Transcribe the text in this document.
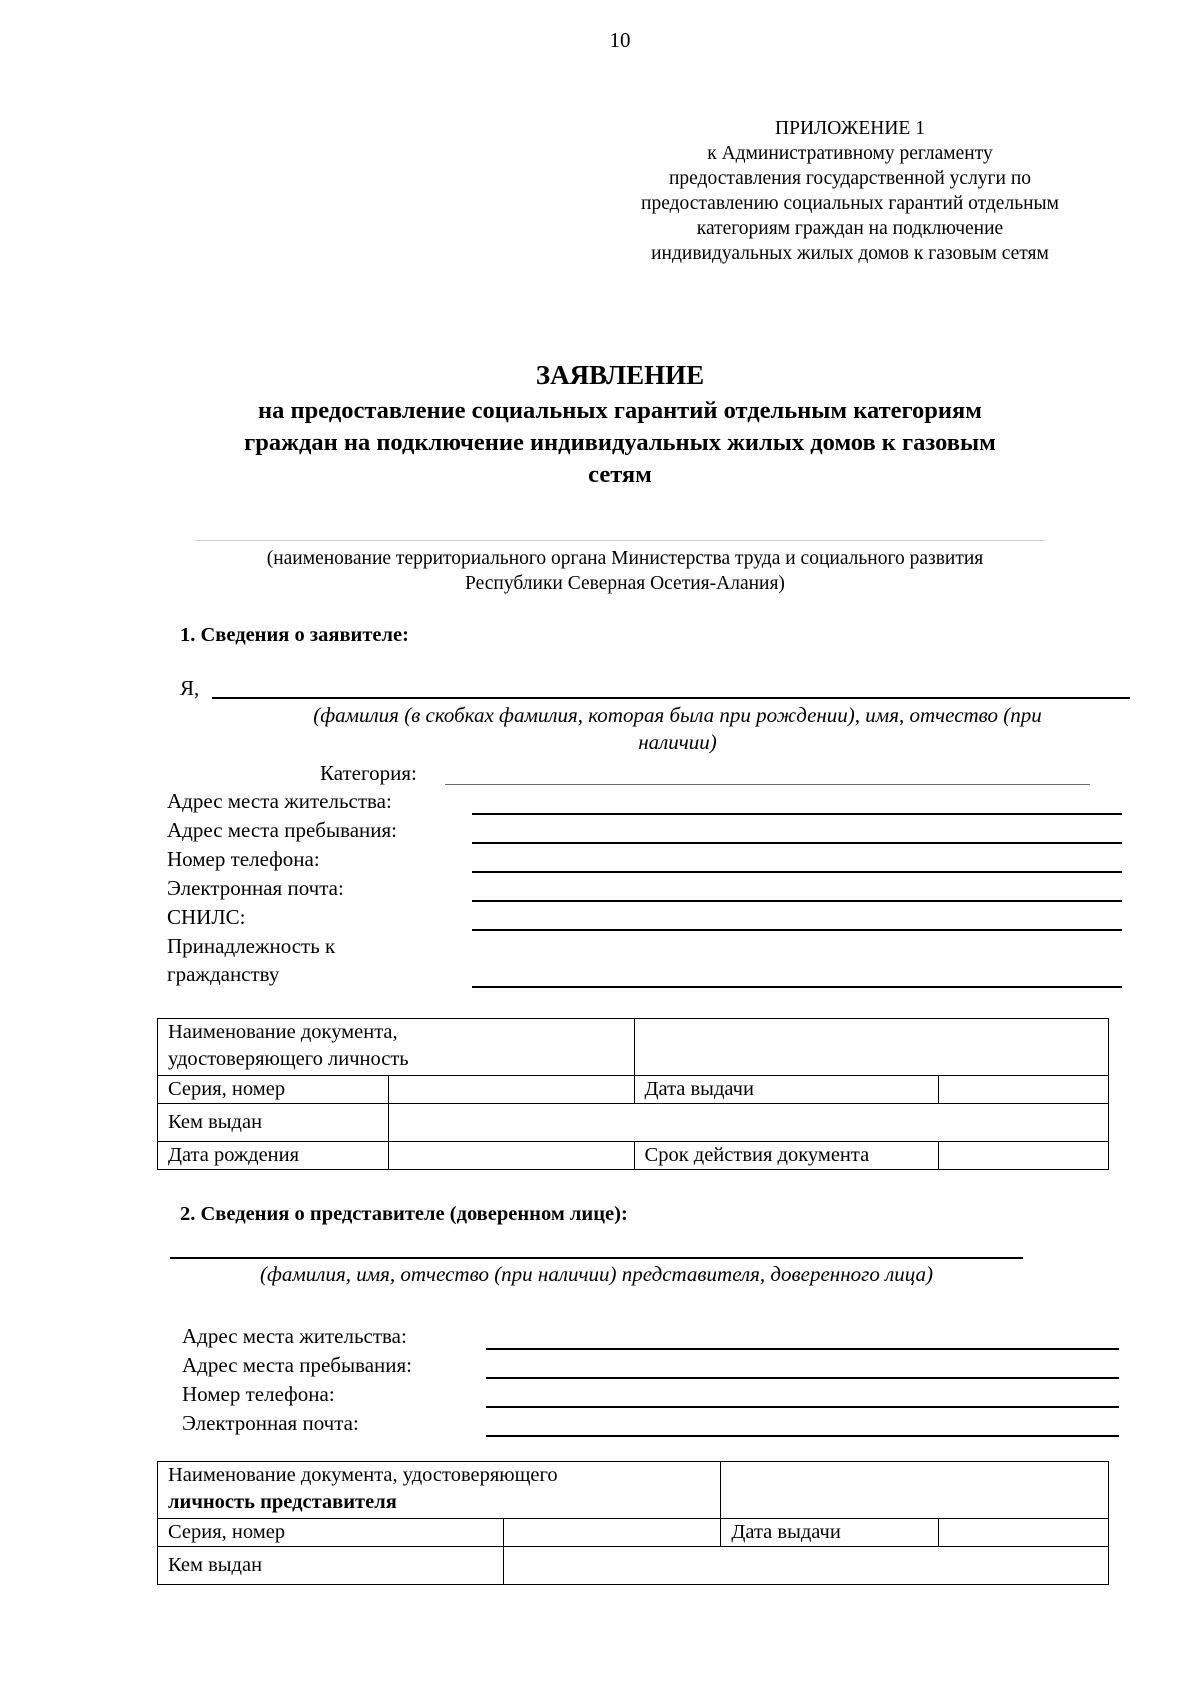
10
ПРИЛОЖЕНИЕ 1
к Административному регламенту
предоставления государственной услуги по
предоставлению социальных гарантий отдельным
категориям граждан на подключение
индивидуальных жилых домов к газовым сетям
ЗАЯВЛЕНИЕ
на предоставление социальных гарантий отдельным категориям
граждан на подключение индивидуальных жилых домов к газовым
сетям
(наименование территориального органа Министерства труда и социального развития
Республики Северная Осетия-Алания)
1. Сведения о заявителе:
Я,
(фамилия (в скобках фамилия, которая была при рождении), имя, отчество (при
наличии)
Категория:
Адрес места жительства:
Адрес места пребывания:
Номер телефона:
Электронная почта:
СНИЛС:
Принадлежность к
гражданству
Наименование документа,
удостоверяющего личность			

Серия, номер		Дата выдачи	
Кем выдан			
Дата рождения		Срок действия документа	
2. Сведения о представителе (доверенном лице):
(фамилия, имя, отчество (при наличии) представителя, доверенного лица)
Адрес места жительства:
Адрес места пребывания:
Номер телефона:
Электронная почта:
Наименование документа, удостоверяющего
личность представителя			

Серия, номер		Дата выдачи	
Кем выдан			
